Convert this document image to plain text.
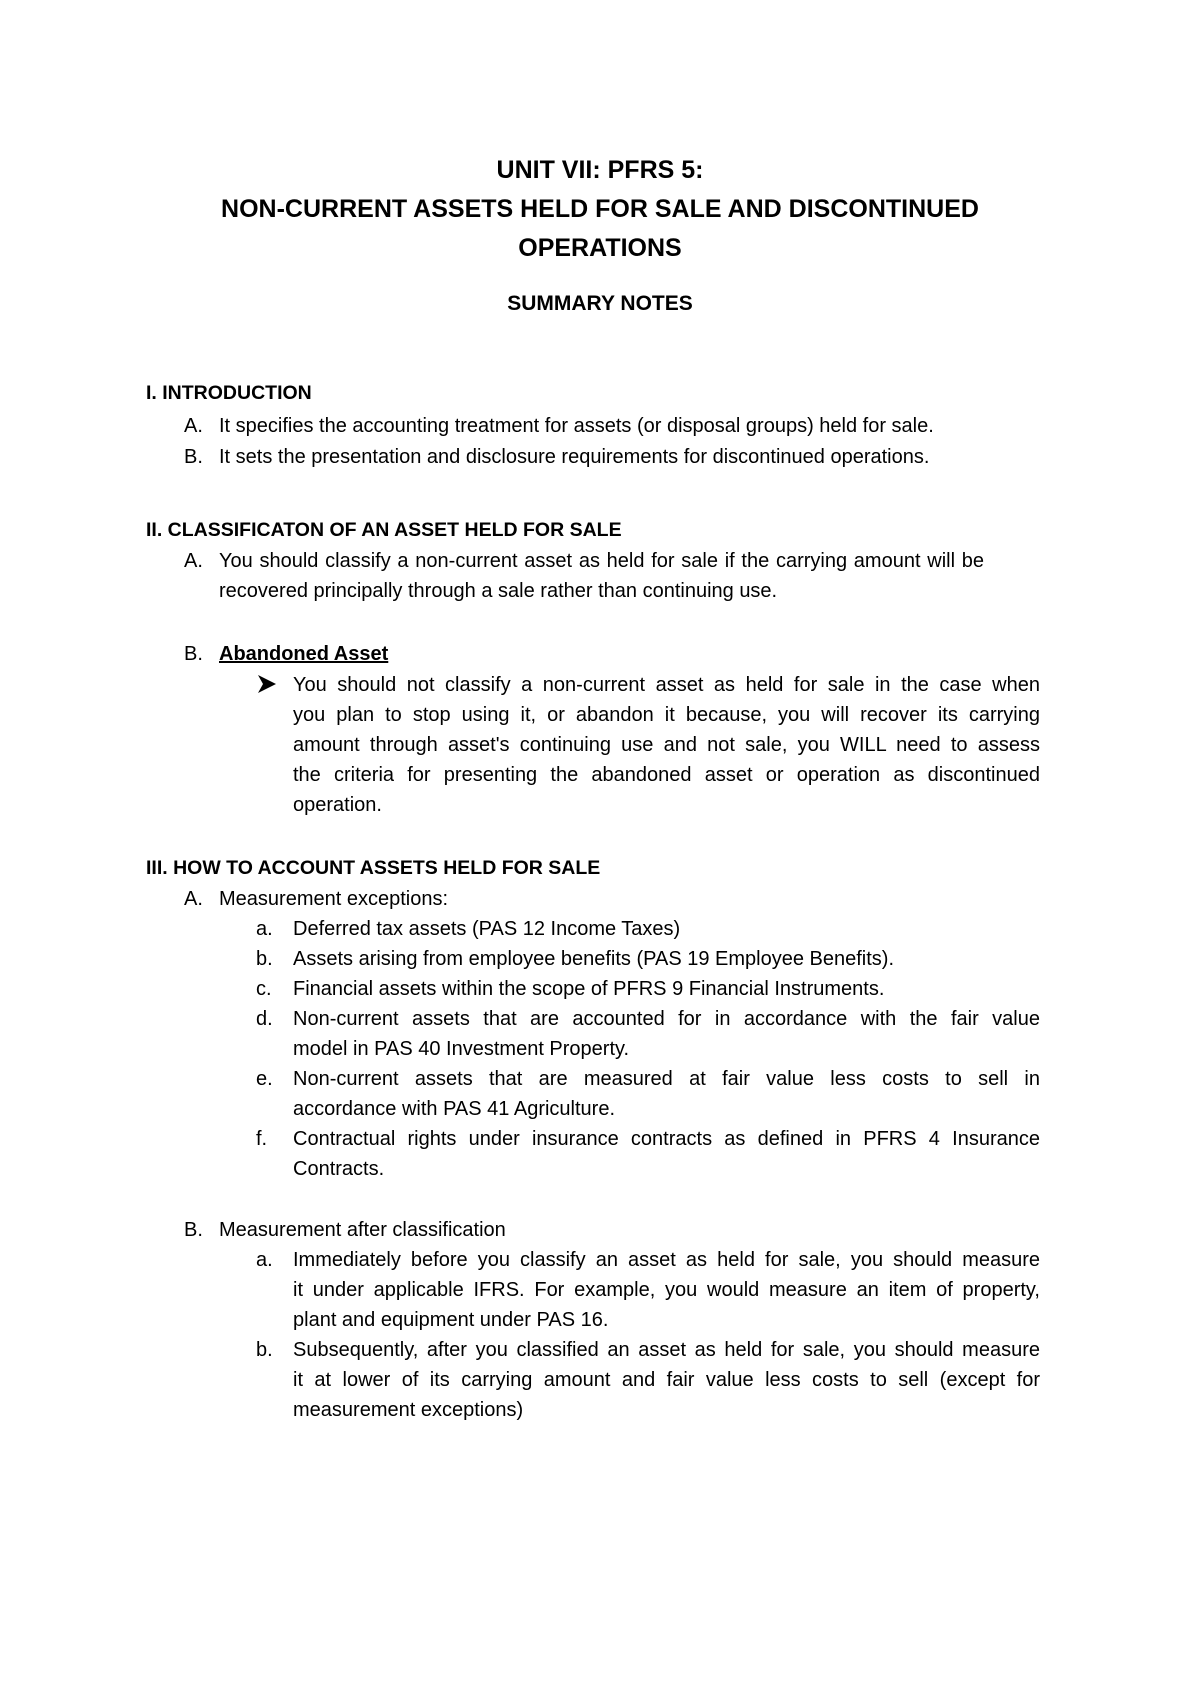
UNIT VII: PFRS 5:
NON-CURRENT ASSETS HELD FOR SALE AND DISCONTINUED
OPERATIONS
SUMMARY NOTES
I. INTRODUCTION
A. It specifies the accounting treatment for assets (or disposal groups) held for sale.
B. It sets the presentation and disclosure requirements for discontinued operations.
II. CLASSIFICATON OF AN ASSET HELD FOR SALE
A. You should classify a non-current asset as held for sale if the carrying amount will be
recovered principally through a sale rather than continuing use.
B. Abandoned Asset
You should not classify a non-current asset as held for sale in the case when
you plan to stop using it, or abandon it because, you will recover its carrying
amount through asset's continuing use and not sale, you WILL need to assess
the criteria for presenting the abandoned asset or operation as discontinued
operation.
III. HOW TO ACCOUNT ASSETS HELD FOR SALE
A. Measurement exceptions:
a. Deferred tax assets (PAS 12 Income Taxes)
b. Assets arising from employee benefits (PAS 19 Employee Benefits).
c. Financial assets within the scope of PFRS 9 Financial Instruments.
d. Non-current assets that are accounted for in accordance with the fair value
model in PAS 40 Investment Property.
e. Non-current assets that are measured at fair value less costs to sell in
accordance with PAS 41 Agriculture.
f. Contractual rights under insurance contracts as defined in PFRS 4 Insurance
Contracts.
B. Measurement after classification
a. Immediately before you classify an asset as held for sale, you should measure
it under applicable IFRS. For example, you would measure an item of property,
plant and equipment under PAS 16.
b. Subsequently, after you classified an asset as held for sale, you should measure
it at lower of its carrying amount and fair value less costs to sell (except for
measurement exceptions)
